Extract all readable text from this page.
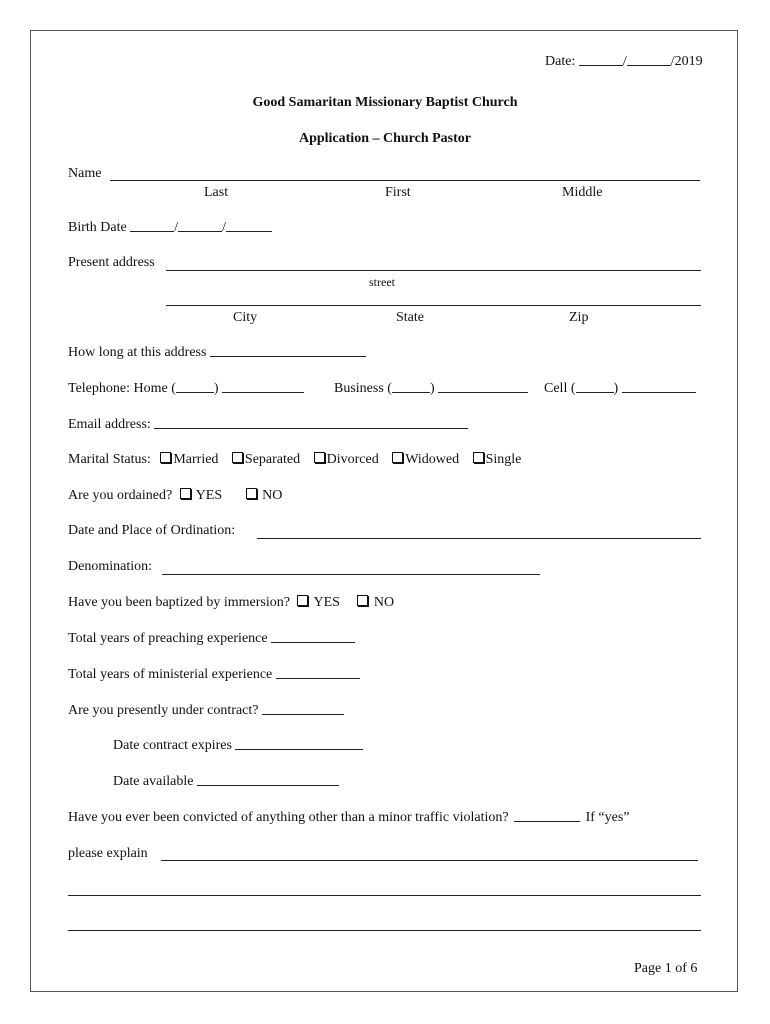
Date:	/	/2019
Good Samaritan Missionary Baptist Church
Application – Church Pastor
Name
Last	First	Middle
Birth Date	/	/
Present address
street
City	State	Zip
How long at this address
Telephone: Home (	)	Business (	)	Cell (	)
Email address:
Marital Status: Married Separated Divorced Widowed Single
Are you ordained? YES	NO
Date and Place of Ordination:
Denomination:
Have you been baptized by immersion? YES NO
Total years of preaching experience
Total years of ministerial experience
Are you presently under contract?
Date contract expires
Date available
Have you ever been convicted of anything other than a minor traffic violation?	If “yes”
please explain
Page 1 of 6
